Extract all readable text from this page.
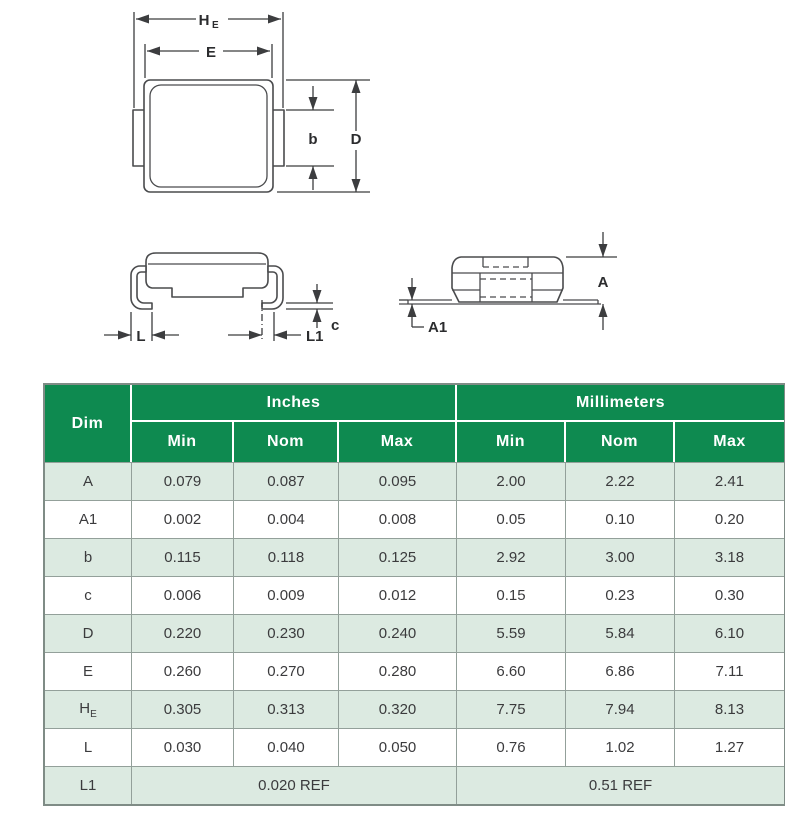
H E
E
b D
L	L1
c
A
A1
Dim	Inches			Millimeters		
	Min	Nom	Max	Min	Nom	Max
A	0.079	0.087	0.095	2.00	2.22	2.41
A1	0.002	0.004	0.008	0.05	0.10	0.20
b	0.115	0.118	0.125	2.92	3.00	3.18
c	0.006	0.009	0.012	0.15	0.23	0.30
D	0.220	0.230	0.240	5.59	5.84	6.10
E	0.260	0.270	0.280	6.60	6.86	7.11
$H_E$	0.305	0.313	0.320	7.75	7.94	8.13
L	0.030	0.040	0.050	0.76	1.02	1.27
L1	0.020 REF			0.51 REF		
